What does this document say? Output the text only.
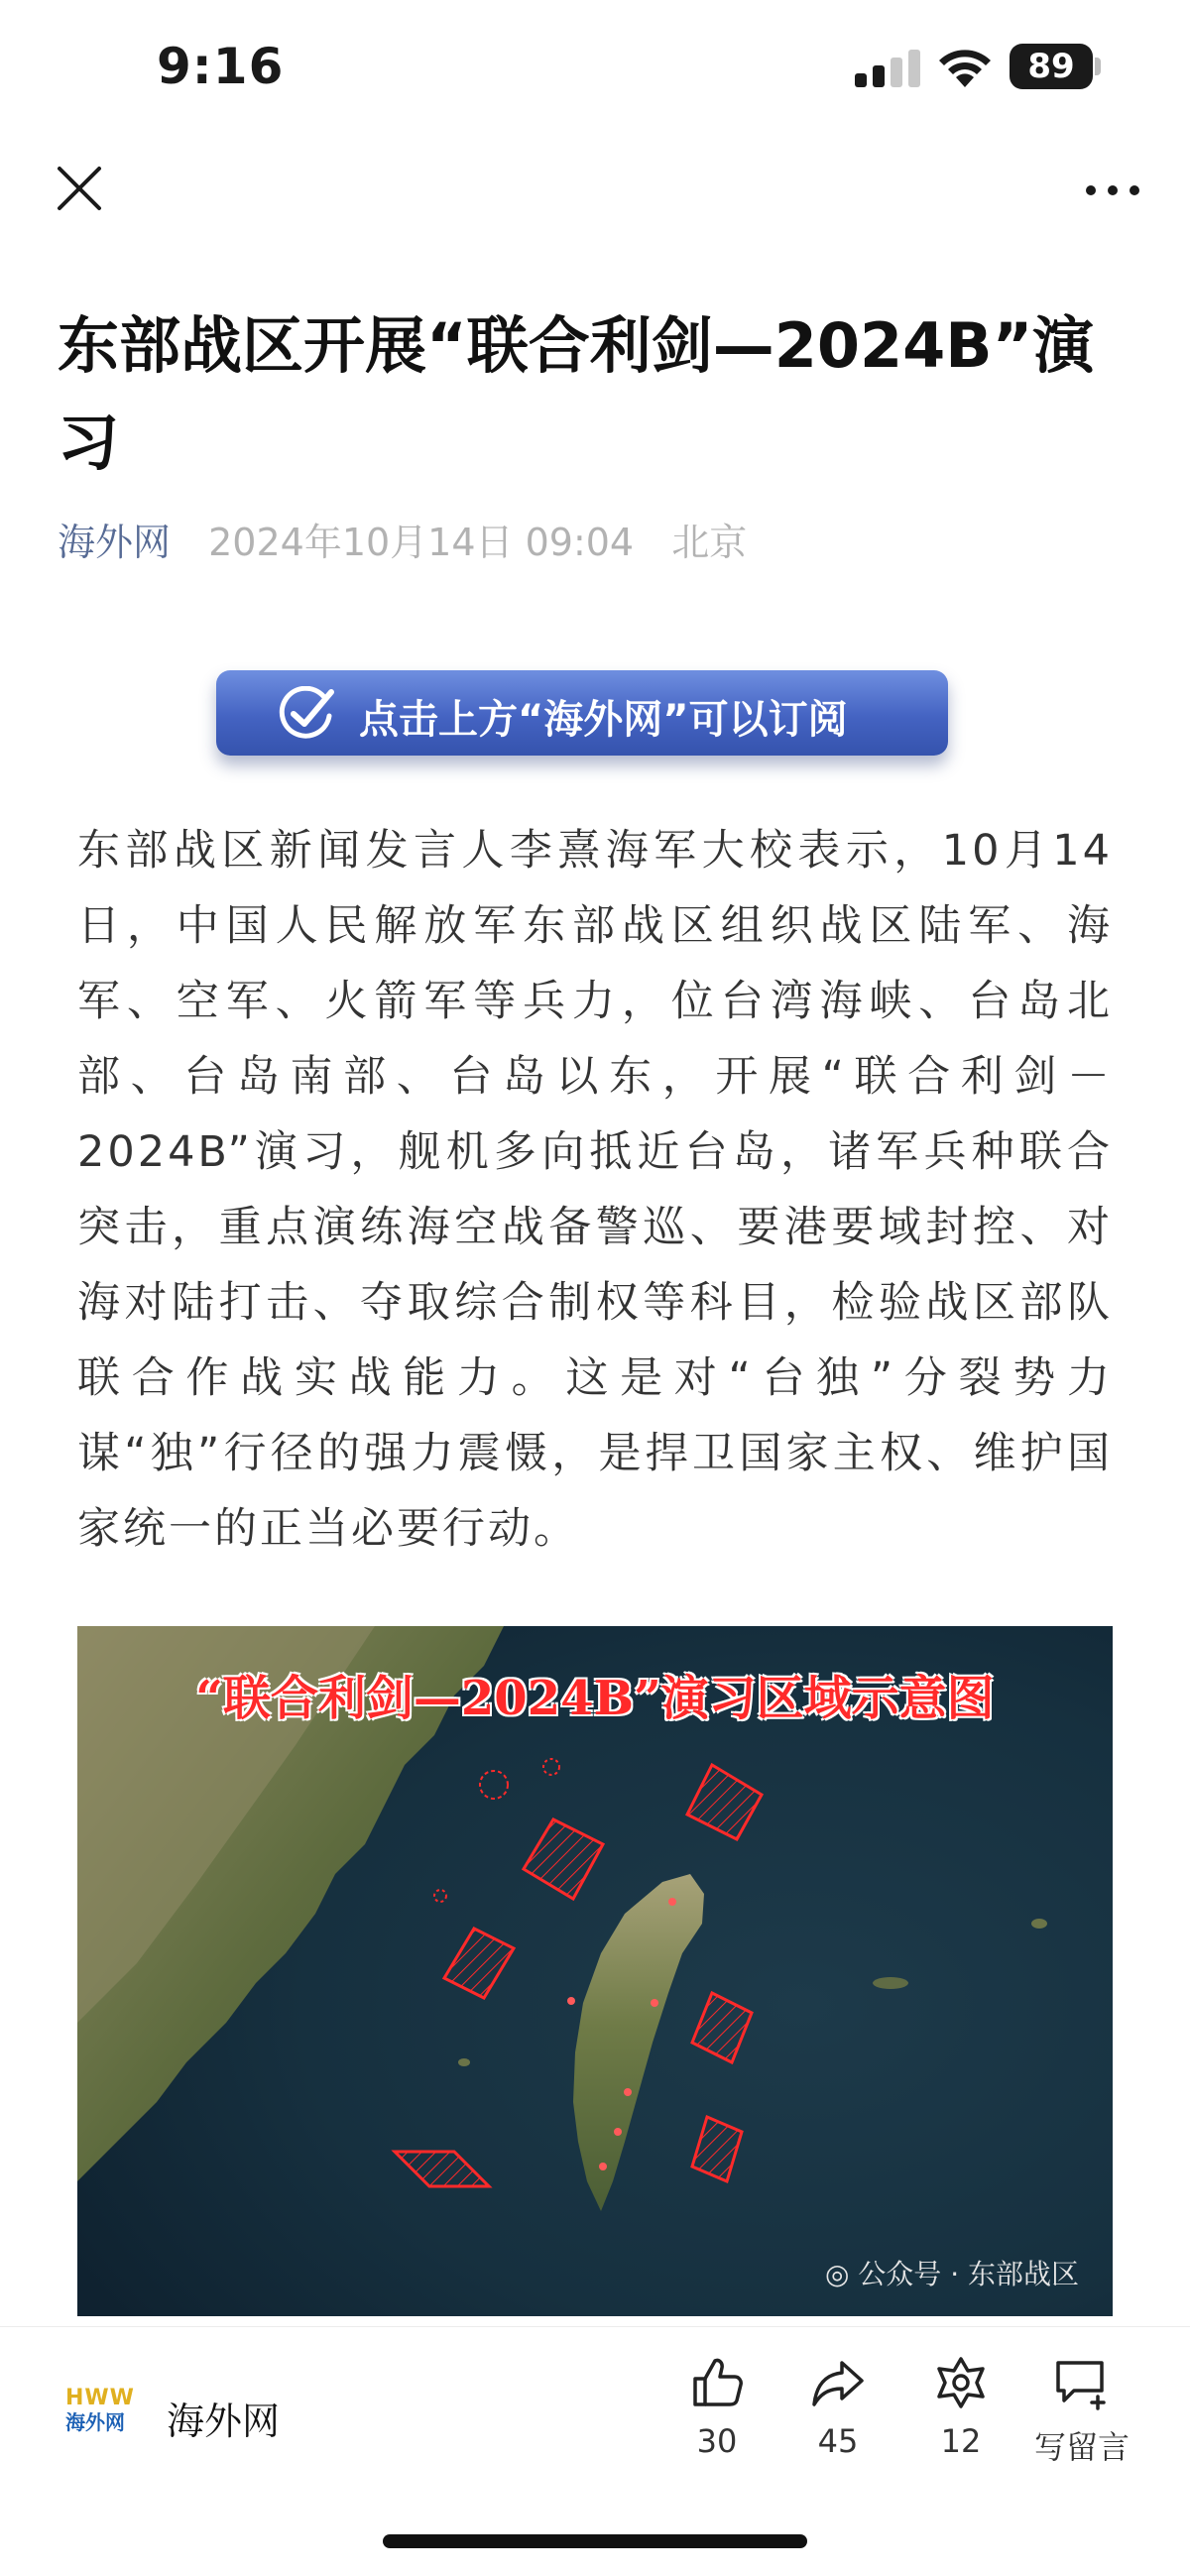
9:16	89
东部战区开展“联合利剑—2024B”演习
海外网 2024年10月14日 09:04 北京
点击上方“海外网”可以订阅
东部战区新闻发言人李熹海军大校表示，10月14日，中国人民解放军东部战区组织战区陆军、海军、空军、火箭军等兵力，位台湾海峡、台岛北部、台岛南部、台岛以东，开展“联合利剑－2024B”演习，舰机多向抵近台岛，诸军兵种联合突击，重点演练海空战备警巡、要港要域封控、对海对陆打击、夺取综合制权等科目，检验战区部队联合作战实战能力。这是对“台独”分裂势力谋“独”行径的强力震慑，是捍卫国家主权、维护国家统一的正当必要行动。
“联合利剑—2024B”演习区域示意图
◎ 公众号 · 东部战区
HWW
海外网 海外网	30	45	12	写留言
